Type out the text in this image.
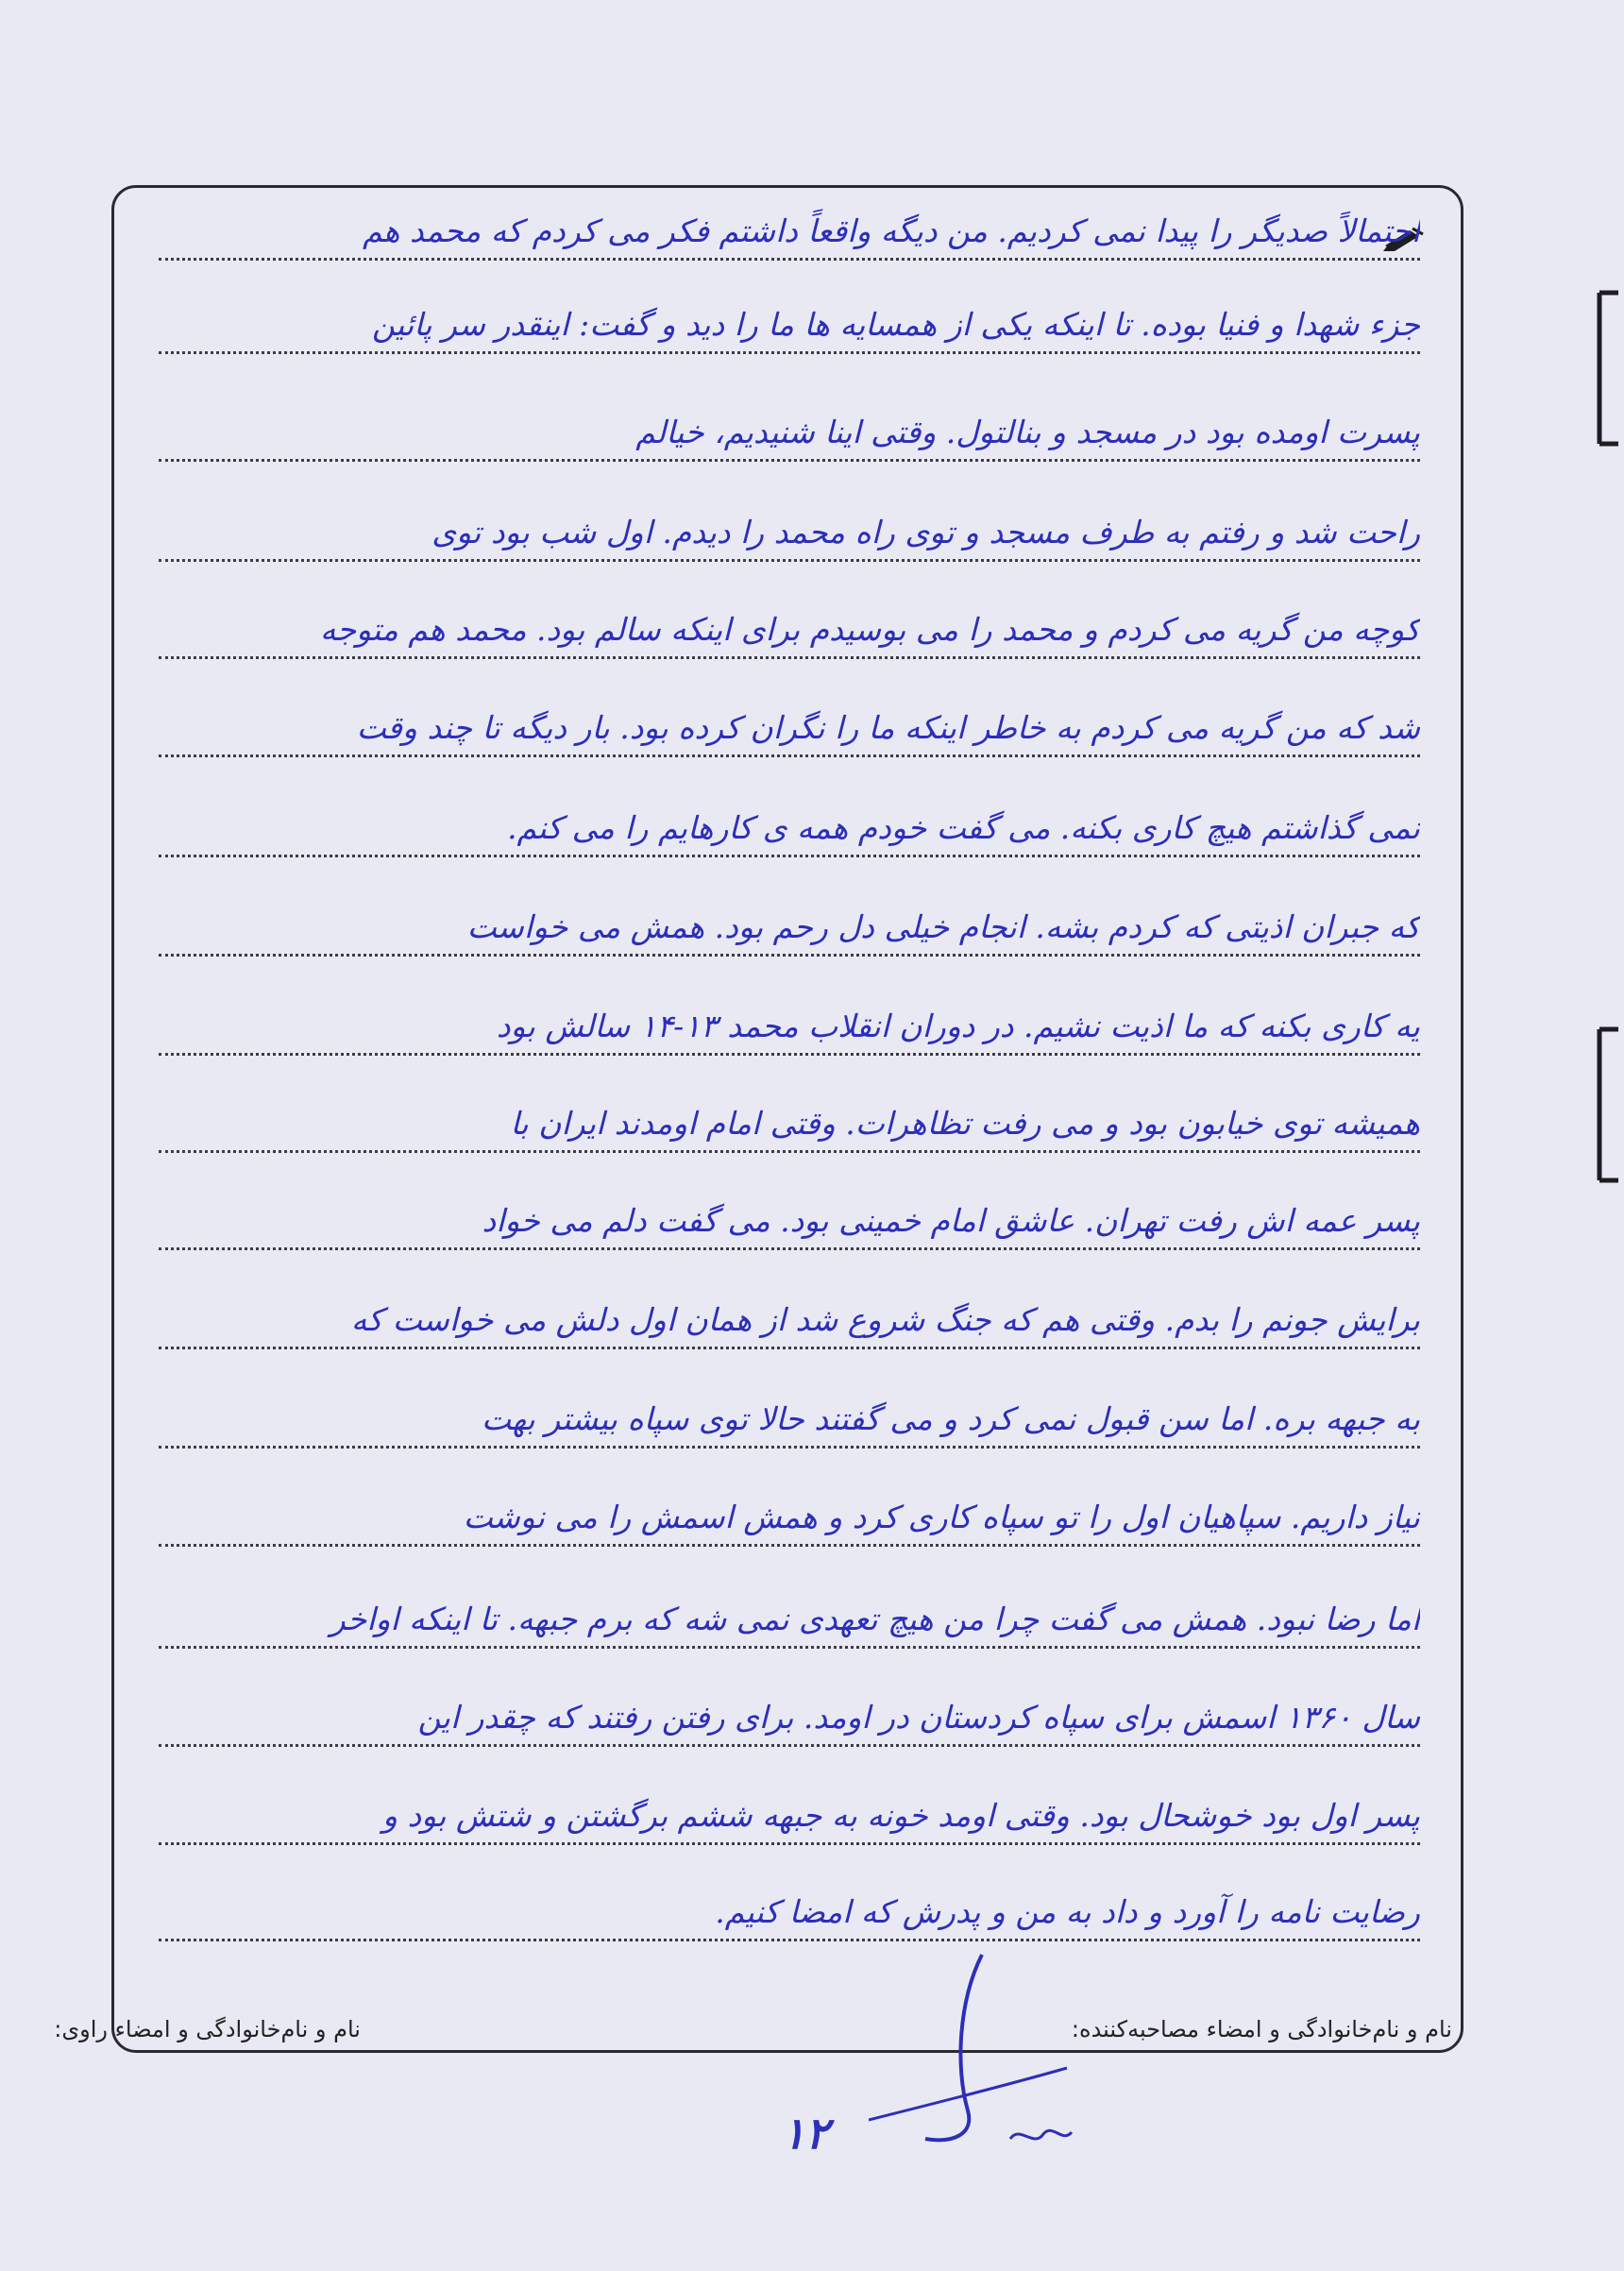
احتمالاً صدیگر را پیدا نمی کردیم. من دیگه واقعاً داشتم فکر می کردم که محمد هم
جزء شهدا و فنیا بوده. تا اینکه یکی از همسایه ها ما را دید و گفت: اینقدر سر پائین
پسرت اومده بود در مسجد و بنالتول. وقتی اینا شنیدیم، خیالم
راحت شد و رفتم به طرف مسجد و توی راه محمد را دیدم. اول شب بود توی
کوچه من گریه می کردم و محمد را می بوسیدم برای اینکه سالم بود. محمد هم متوجه
شد که من گریه می کردم به خاطر اینکه ما را نگران کرده بود. بار دیگه تا چند وقت
نمی گذاشتم هیچ کاری بکنه. می گفت خودم همه ی کارهایم را می کنم.
که جبران اذیتی که کردم بشه. انجام خیلی دل رحم بود. همش می خواست
یه کاری بکنه که ما اذیت نشیم. در دوران انقلاب محمد ۱۳-۱۴ سالش بود
همیشه توی خیابون بود و می رفت تظاهرات. وقتی امام اومدند ایران با
پسر عمه اش رفت تهران. عاشق امام خمینی بود. می گفت دلم می خواد
برایش جونم را بدم. وقتی هم که جنگ شروع شد از همان اول دلش می خواست که
به جبهه بره. اما سن قبول نمی کرد و می گفتند حالا توی سپاه بیشتر بهت
نیاز داریم. سپاهیان اول را تو سپاه کاری کرد و همش اسمش را می نوشت
اما رضا نبود. همش می گفت چرا من هیچ تعهدی نمی شه که برم جبهه. تا اینکه اواخر
سال ۱۳۶۰ اسمش برای سپاه کردستان در اومد. برای رفتن رفتند که چقدر این
پسر اول بود خوشحال بود. وقتی اومد خونه به جبهه ششم برگشتن و شتش بود و
رضایت نامه را آورد و داد به من و پدرش که امضا کنیم.
نام و نام‌خانوادگی و امضاء مصاحبه‌کننده:
نام و نام‌خانوادگی و امضاء راوی:
۱۲
